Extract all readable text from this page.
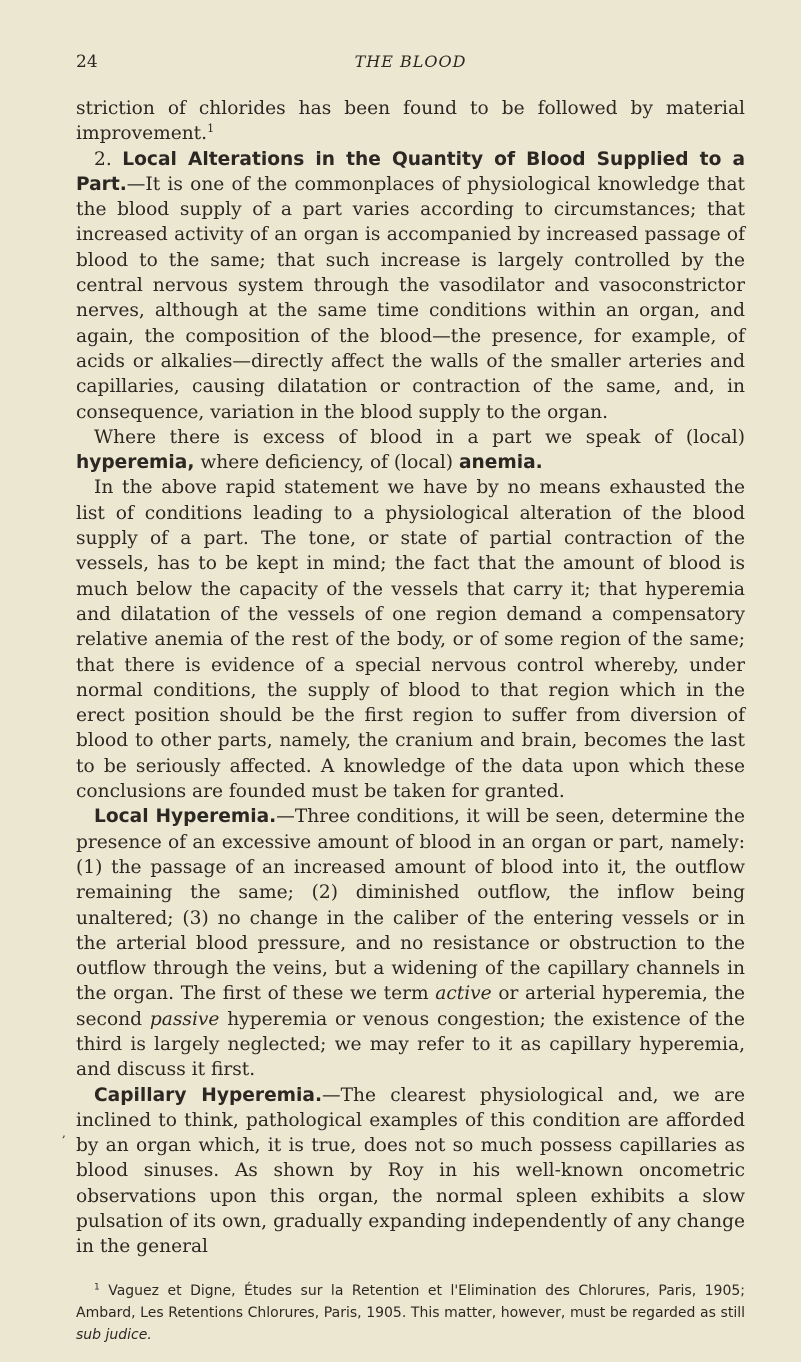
24	THE BLOOD

striction of chlorides has been found to be followed by material improvement.$^1$

2. Local Alterations in the Quantity of Blood Supplied to a Part.—It is one of the commonplaces of physiological knowledge that the blood supply of a part varies according to circumstances; that increased activity of an organ is accompanied by increased passage of blood to the same; that such increase is largely controlled by the central nervous system through the vasodilator and vasoconstrictor nerves, although at the same time conditions within an organ, and again, the composition of the blood—the presence, for example, of acids or alkalies—directly affect the walls of the smaller arteries and capillaries, causing dilatation or contraction of the same, and, in consequence, variation in the blood supply to the organ.

Where there is excess of blood in a part we speak of (local) hyperemia, where deficiency, of (local) anemia.

In the above rapid statement we have by no means exhausted the list of conditions leading to a physiological alteration of the blood supply of a part. The tone, or state of partial contraction of the vessels, has to be kept in mind; the fact that the amount of blood is much below the capacity of the vessels that carry it; that hyperemia and dilatation of the vessels of one region demand a compensatory relative anemia of the rest of the body, or of some region of the same; that there is evidence of a special nervous control whereby, under normal conditions, the supply of blood to that region which in the erect position should be the first region to suffer from diversion of blood to other parts, namely, the cranium and brain, becomes the last to be seriously affected. A knowledge of the data upon which these conclusions are founded must be taken for granted.

Local Hyperemia.—Three conditions, it will be seen, determine the presence of an excessive amount of blood in an organ or part, namely: (1) the passage of an increased amount of blood into it, the outflow remaining the same; (2) diminished outflow, the inflow being unaltered; (3) no change in the caliber of the entering vessels or in the arterial blood pressure, and no resistance or obstruction to the outflow through the veins, but a widening of the capillary channels in the organ. The first of these we term active or arterial hyperemia, the second passive hyperemia or venous congestion; the existence of the third is largely neglected; we may refer to it as capillary hyperemia, and discuss it first.

Capillary Hyperemia.—The clearest physiological and, we are inclined to think, pathological examples of this condition are afforded by an organ which, it is true, does not so much possess capillaries as blood sinuses. As shown by Roy in his well-known oncometric observations upon this organ, the normal spleen exhibits a slow pulsation of its own, gradually expanding independently of any change in the general

$^1$ Vaguez et Digne, Études sur la Retention et l'Elimination des Chlorures, Paris, 1905; Ambard, Les Retentions Chlorures, Paris, 1905. This matter, however, must be regarded as still sub judice.
,
